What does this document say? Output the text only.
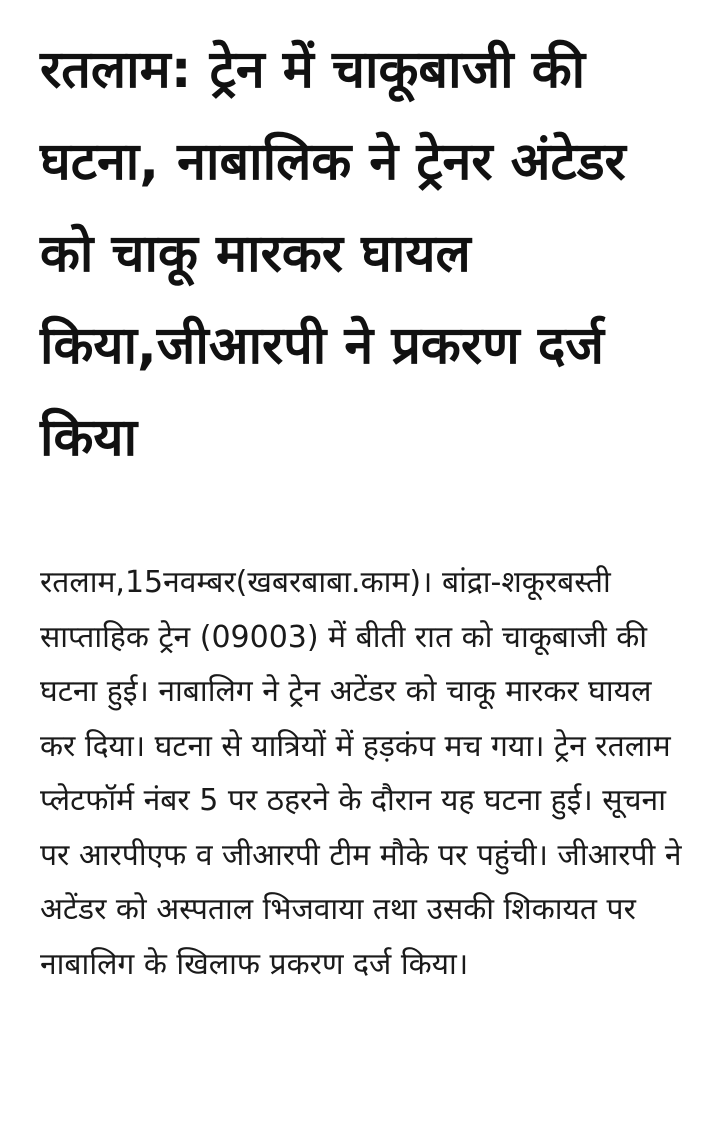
रतलाम: ट्रेन में चाकूबाजी की घटना, नाबालिक ने ट्रेनर अंटेडर को चाकू मारकर घायल किया,जीआरपी ने प्रकरण दर्ज किया

रतलाम,15नवम्बर(खबरबाबा.काम)। बांद्रा-शकूरबस्ती साप्ताहिक ट्रेन (09003) में बीती रात को चाकूबाजी की घटना हुई। नाबालिग ने ट्रेन अटेंडर को चाकू मारकर घायल कर दिया। घटना से यात्रियों में हड़कंप मच गया। ट्रेन रतलाम प्लेटफॉर्म नंबर 5 पर ठहरने के दौरान यह घटना हुई। सूचना पर आरपीएफ व जीआरपी टीम मौके पर पहुंची। जीआरपी ने अटेंडर को अस्पताल भिजवाया तथा उसकी शिकायत पर नाबालिग के खिलाफ प्रकरण दर्ज किया।
